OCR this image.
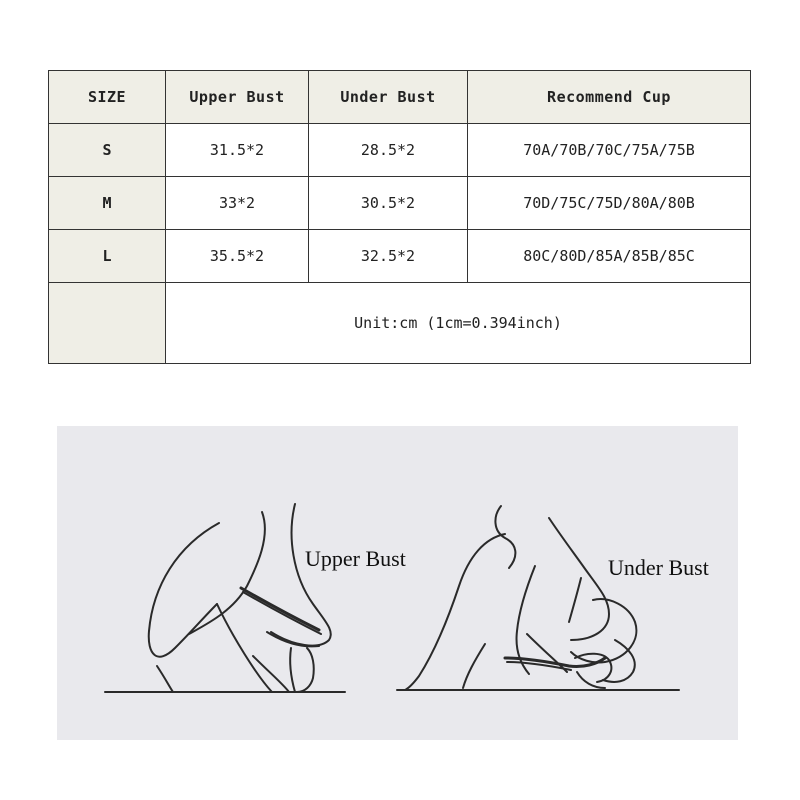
SIZE	Upper Bust	Under Bust	Recommend Cup
S	31.5*2	28.5*2	70A/70B/70C/75A/75B
M	33*2	30.5*2	70D/75C/75D/80A/80B
L	35.5*2	32.5*2	80C/80D/85A/85B/85C
	Unit:cm (1cm=0.394inch)		
Upper Bust	Under Bust
